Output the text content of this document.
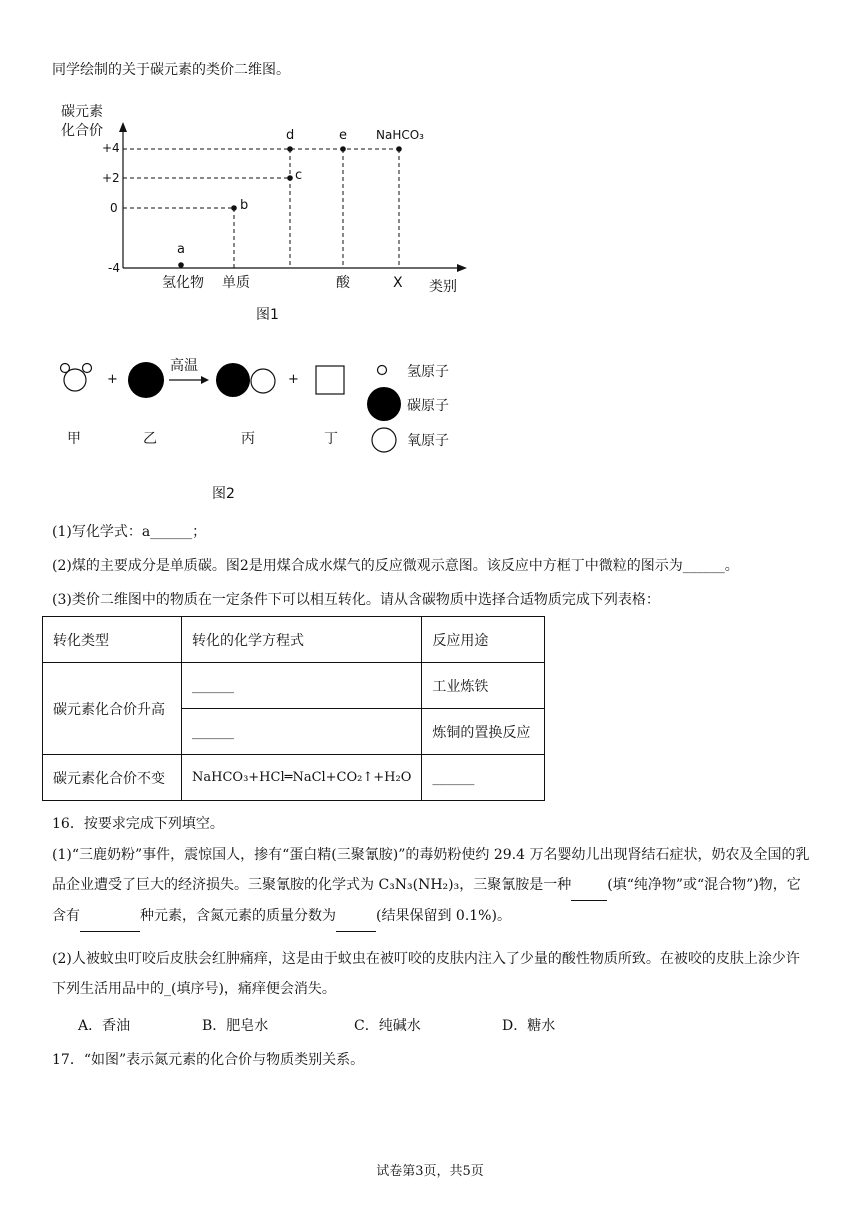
同学绘制的关于碳元素的类价二维图。
碳元素
化合价
+4
+2
0
-4
a
b
c
d	e NaHCO₃
氢化物 单质	酸	X 类别
图1
+
高温
+	氢原子
碳原子
氧原子
甲	乙	丙	丁
图2
(1)写化学式：a______；
(2)煤的主要成分是单质碳。图2是用煤合成水煤气的反应微观示意图。该反应中方框丁中微粒的图示为______。
(3)类价二维图中的物质在一定条件下可以相互转化。请从含碳物质中选择合适物质完成下列表格：
转化类型	转化的化学方程式	反应用途
碳元素化合价升高	______	工业炼铁
	______	炼铜的置换反应
碳元素化合价不变	NaHCO₃+HCl═NaCl+CO₂↑+H₂O	______
16．按要求完成下列填空。
(1)“三鹿奶粉”事件，震惊国人，掺有“蛋白精(三聚氰胺)”的毒奶粉使约 29.4 万名婴幼儿出现肾结石症状，奶农及全国的乳品企业遭受了巨大的经济损失。三聚氰胺的化学式为 C₃N₃(NH₂)₃，三聚氰胺是一种	(填“纯净物”或“混合物”)物，它含有	种元素，含氮元素的质量分数为	(结果保留到 0.1%)。
(2)人被蚊虫叮咬后皮肤会红肿痛痒，这是由于蚊虫在被叮咬的皮肤内注入了少量的酸性物质所致。在被咬的皮肤上涂少许下列生活用品中的_(填序号)，痛痒便会消失。
A．香油	B．肥皂水	C．纯碱水	D．糖水
17．“如图”表示氮元素的化合价与物质类别关系。
试卷第3页，共5页
